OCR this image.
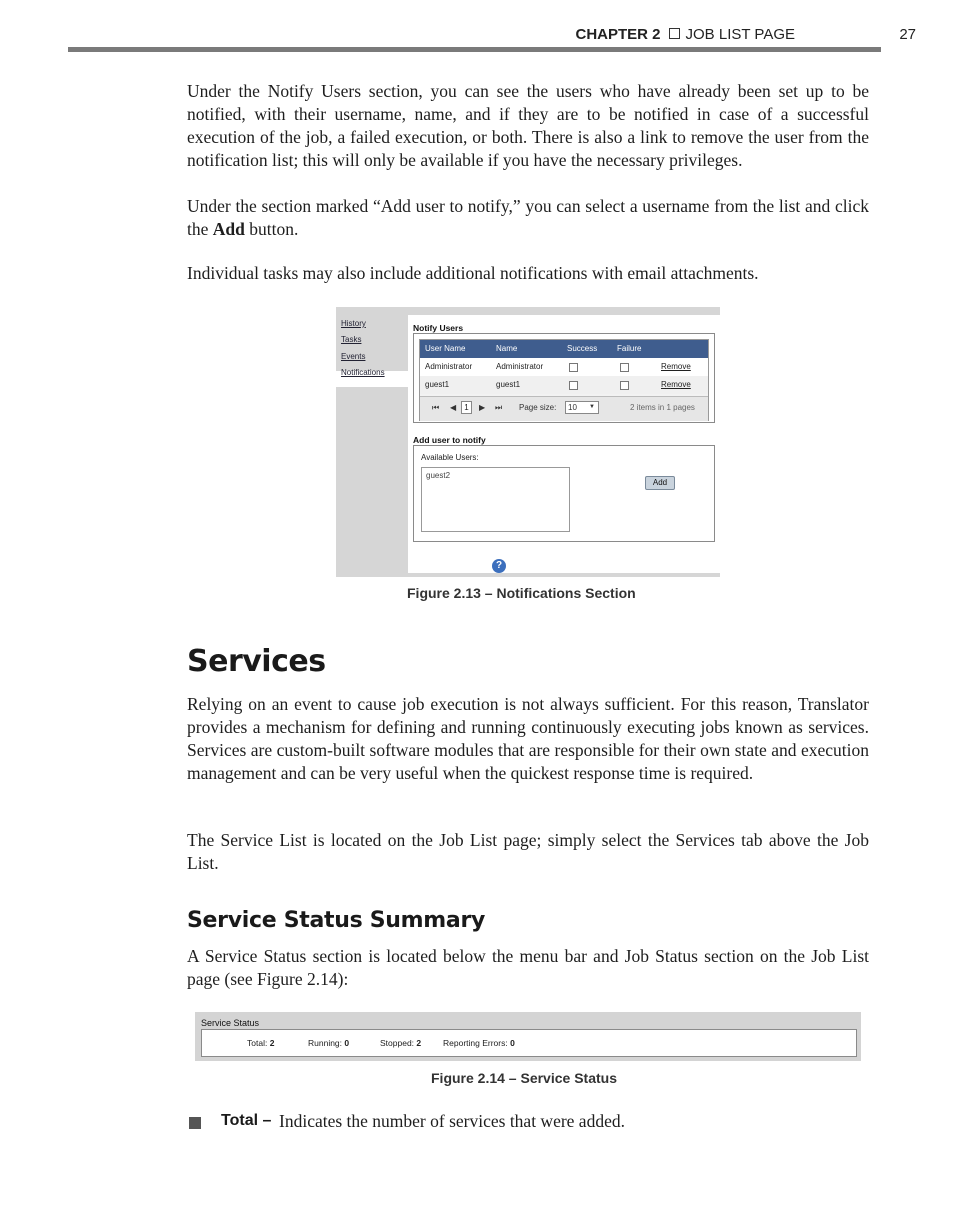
CHAPTER 2 JOB LIST PAGE	27

Under the Notify Users section, you can see the users who have already been set up to be notified, with their username, name, and if they are to be notified in case of a successful execution of the job, a failed execution, or both. There is also a link to remove the user from the notification list; this will only be available if you have the necessary privileges.

Under the section marked “Add user to notify,” you can select a username from the list and click the Add button.

Individual tasks may also include additional notifications with email attachments.

History
Tasks
Events
Notifications
Notify Users
User Name	Name	Success Failure
Administrator	Administrator	Remove
guest1	guest1	Remove
⏮ ◀	1	▶ ⏭ Page size:	10 ▼	2 items in 1 pages
Add user to notify
Available Users:
guest2
Add
?
Figure 2.13 – Notifications Section
Services

Relying on an event to cause job execution is not always sufficient. For this reason, Translator provides a mechanism for defining and running continuously executing jobs known as services. Services are custom-built software modules that are responsible for their own state and execution management and can be very useful when the quickest response time is required.

The Service List is located on the Job List page; simply select the Services tab above the Job List.

Service Status Summary

A Service Status section is located below the menu bar and Job Status section on the Job List page (see Figure 2.14):

Service Status
Total: 2	Running: 0	Stopped: 2	Reporting Errors: 0
Figure 2.14 – Service Status
Total – Indicates the number of services that were added.
